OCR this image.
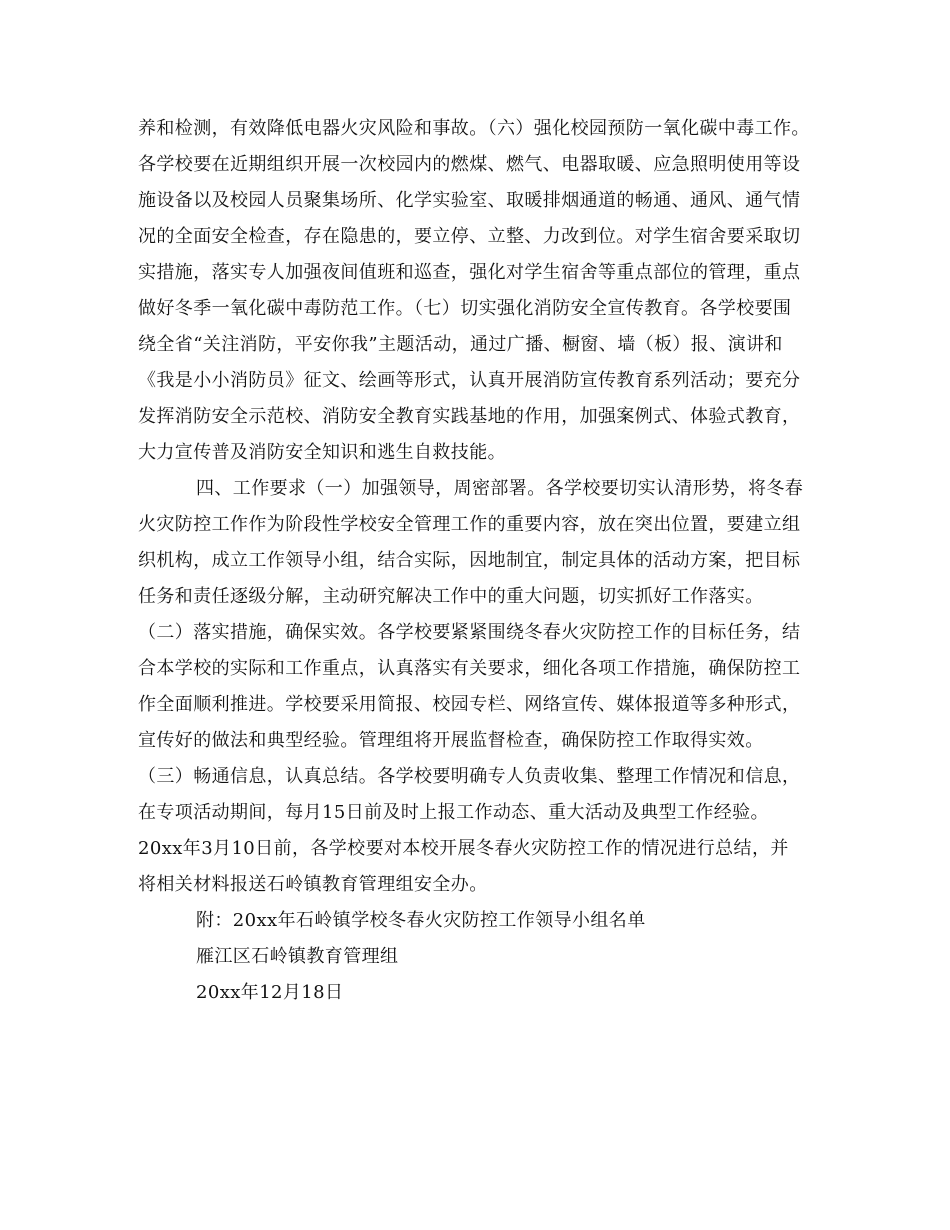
养和检测，有效降低电器火灾风险和事故。（六）强化校园预防一氧化碳中毒工作。
各学校要在近期组织开展一次校园内的燃煤、燃气、电器取暖、应急照明使用等设
施设备以及校园人员聚集场所、化学实验室、取暖排烟通道的畅通、通风、通气情
况的全面安全检查，存在隐患的，要立停、立整、力改到位。对学生宿舍要采取切
实措施，落实专人加强夜间值班和巡查，强化对学生宿舍等重点部位的管理，重点
做好冬季一氧化碳中毒防范工作。（七）切实强化消防安全宣传教育。各学校要围
绕全省“关注消防，平安你我”主题活动，通过广播、橱窗、墙（板）报、演讲和
《我是小小消防员》征文、绘画等形式，认真开展消防宣传教育系列活动；要充分
发挥消防安全示范校、消防安全教育实践基地的作用，加强案例式、体验式教育，
大力宣传普及消防安全知识和逃生自救技能。
四、工作要求（一）加强领导，周密部署。各学校要切实认清形势，将冬春
火灾防控工作作为阶段性学校安全管理工作的重要内容，放在突出位置，要建立组
织机构，成立工作领导小组，结合实际，因地制宜，制定具体的活动方案，把目标
任务和责任逐级分解，主动研究解决工作中的重大问题，切实抓好工作落实。
（二）落实措施，确保实效。各学校要紧紧围绕冬春火灾防控工作的目标任务，结
合本学校的实际和工作重点，认真落实有关要求，细化各项工作措施，确保防控工
作全面顺利推进。学校要采用简报、校园专栏、网络宣传、媒体报道等多种形式，
宣传好的做法和典型经验。管理组将开展监督检查，确保防控工作取得实效。
（三）畅通信息，认真总结。各学校要明确专人负责收集、整理工作情况和信息，
在专项活动期间，每月15日前及时上报工作动态、重大活动及典型工作经验。
20xx年3月10日前，各学校要对本校开展冬春火灾防控工作的情况进行总结，并
将相关材料报送石岭镇教育管理组安全办。
附：20xx年石岭镇学校冬春火灾防控工作领导小组名单
雁江区石岭镇教育管理组
20xx年12月18日
